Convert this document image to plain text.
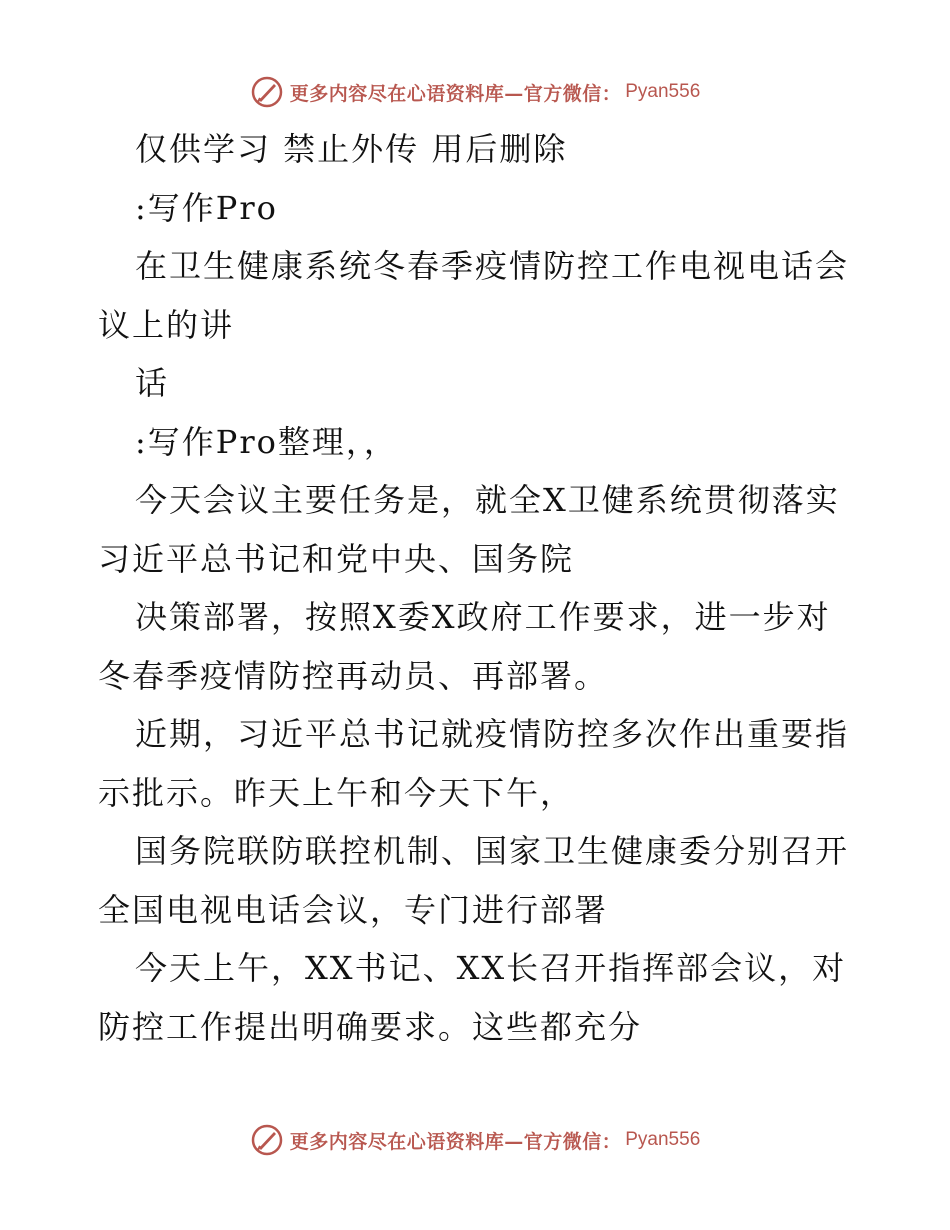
更多内容尽在心语资料库—官方微信： Pyan556
仅供学习 禁止外传 用后删除
:写作Pro
在卫生健康系统冬春季疫情防控工作电视电话会
议上的讲
话
:写作Pro整理，，
今天会议主要任务是，就全X卫健系统贯彻落实
习近平总书记和党中央、国务院
决策部署，按照X委X政府工作要求，进一步对
冬春季疫情防控再动员、再部署。
近期，习近平总书记就疫情防控多次作出重要指
示批示。昨天上午和今天下午，
国务院联防联控机制、国家卫生健康委分别召开
全国电视电话会议，专门进行部署
今天上午，XX书记、XX长召开指挥部会议，对
防控工作提出明确要求。这些都充分
更多内容尽在心语资料库—官方微信： Pyan556
